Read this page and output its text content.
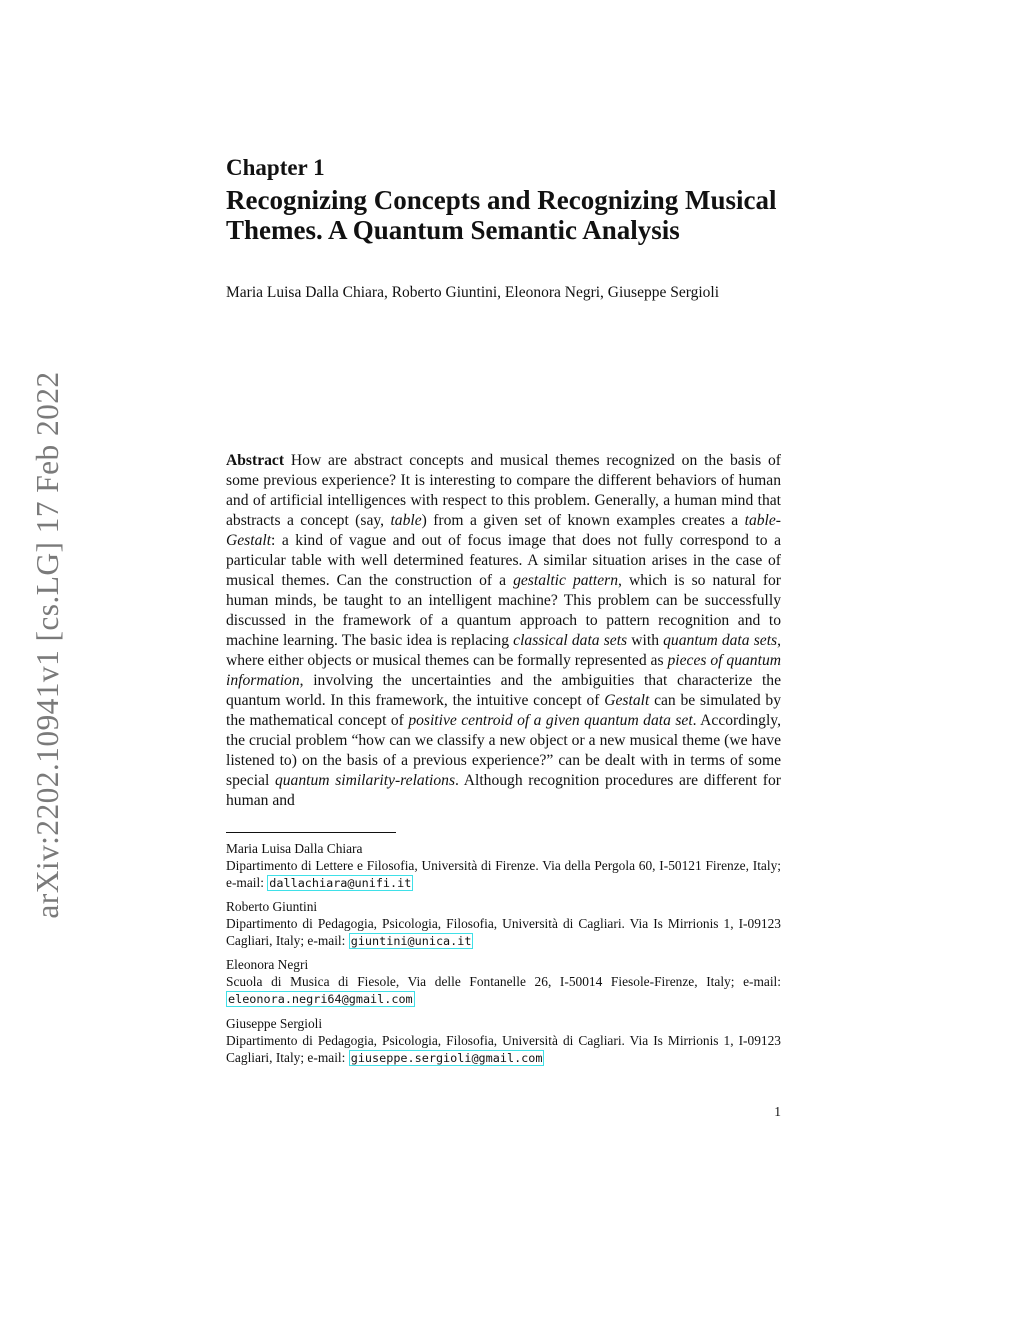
arXiv:2202.10941v1 [cs.LG] 17 Feb 2022
Chapter 1
Recognizing Concepts and Recognizing Musical Themes. A Quantum Semantic Analysis

Maria Luisa Dalla Chiara, Roberto Giuntini, Eleonora Negri, Giuseppe Sergioli

Abstract How are abstract concepts and musical themes recognized on the basis of some previous experience? It is interesting to compare the different behaviors of human and of artificial intelligences with respect to this problem. Generally, a human mind that abstracts a concept (say, table) from a given set of known examples creates a table-Gestalt: a kind of vague and out of focus image that does not fully correspond to a particular table with well determined features. A similar situation arises in the case of musical themes. Can the construction of a gestaltic pattern, which is so natural for human minds, be taught to an intelligent machine? This problem can be successfully discussed in the framework of a quantum approach to pattern recognition and to machine learning. The basic idea is replacing classical data sets with quantum data sets, where either objects or musical themes can be formally represented as pieces of quantum information, involving the uncertainties and the ambiguities that characterize the quantum world. In this framework, the intuitive concept of Gestalt can be simulated by the mathematical concept of positive centroid of a given quantum data set. Accordingly, the crucial problem “how can we classify a new object or a new musical theme (we have listened to) on the basis of a previous experience?” can be dealt with in terms of some special quantum similarity-relations. Although recognition procedures are different for human and

Maria Luisa Dalla Chiara
Dipartimento di Lettere e Filosofia, Università di Firenze. Via della Pergola 60, I-50121 Firenze, Italy; e-mail: dallachiara@unifi.it

Roberto Giuntini
Dipartimento di Pedagogia, Psicologia, Filosofia, Università di Cagliari. Via Is Mirrionis 1, I-09123 Cagliari, Italy; e-mail: giuntini@unica.it

Eleonora Negri
Scuola di Musica di Fiesole, Via delle Fontanelle 26, I-50014 Fiesole-Firenze, Italy; e-mail: eleonora.negri64@gmail.com

Giuseppe Sergioli
Dipartimento di Pedagogia, Psicologia, Filosofia, Università di Cagliari. Via Is Mirrionis 1, I-09123 Cagliari, Italy; e-mail: giuseppe.sergioli@gmail.com

1
